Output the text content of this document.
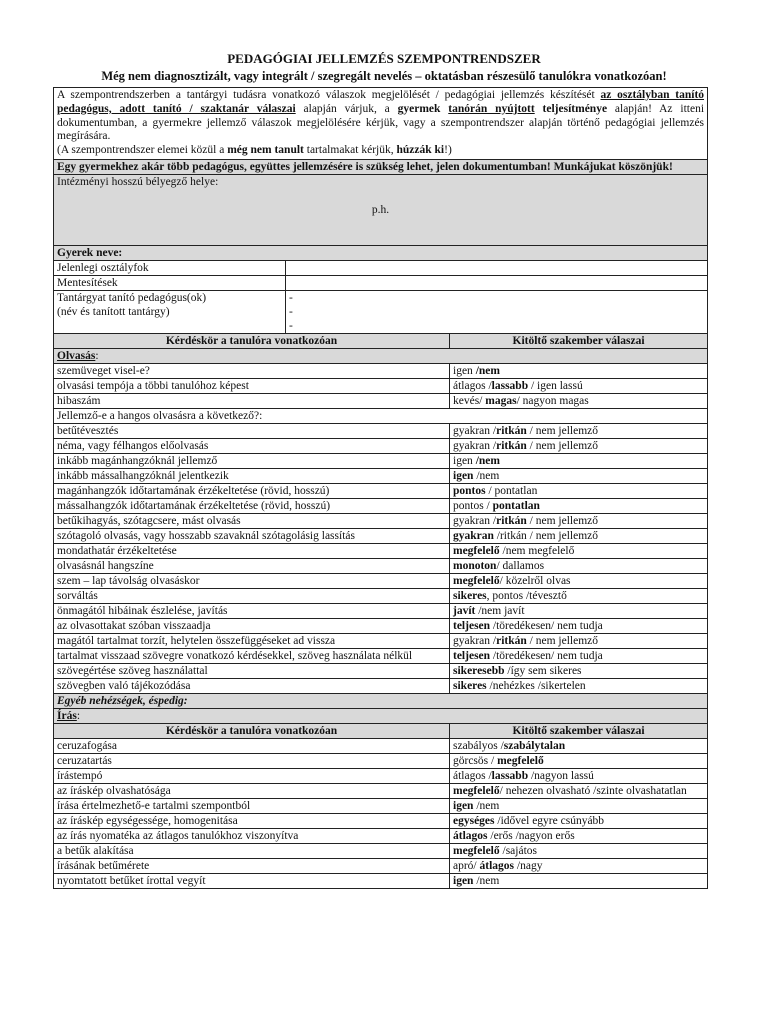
PEDAGÓGIAI JELLEMZÉS SZEMPONTRENDSZER
Még nem diagnosztizált, vagy integrált / szegregált nevelés – oktatásban részesülő tanulókra vonatkozóan!
A szempontrendszerben a tantárgyi tudásra vonatkozó válaszok megjelölését / pedagógiai jellemzés készítését az osztályban tanító pedagógus, adott tanító / szaktanár válaszai alapján várjuk, a gyermek tanórán nyújtott teljesítménye alapján! Az itteni dokumentumban, a gyermekre jellemző válaszok megjelölésére kérjük, vagy a szempontrendszer alapján történő pedagógiai jellemzés megírására.
(A szempontrendszer elemei közül a még nem tanult tartalmakat kérjük, húzzák ki!)		
Egy gyermekhez akár több pedagógus, együttes jellemzésére is szükség lehet, jelen dokumentumban! Munkájukat köszönjük!		

Intézményi hosszú bélyegző helye:
p.h.		

Gyerek neve:		
Jelenlegi osztályfok		
Mentesítések		
Tantárgyat tanító pedagógus(ok)
(név és tanított tantárgy)	-
-
-	
Kérdéskör a tanulóra vonatkozóan		Kitöltő szakember válaszai
Olvasás:		
szemüveget visel-e?		igen /nem
olvasási tempója a többi tanulóhoz képest		átlagos /lassabb / igen lassú
hibaszám		kevés/ magas/ nagyon magas
Jellemző-e a hangos olvasásra a következő?:		
betűtévesztés		gyakran /ritkán / nem jellemző
néma, vagy félhangos előolvasás		gyakran /ritkán / nem jellemző
inkább magánhangzóknál jellemző		igen /nem
inkább mássalhangzóknál jelentkezik		igen /nem
magánhangzók időtartamának érzékeltetése (rövid, hosszú)		pontos / pontatlan
mássalhangzók időtartamának érzékeltetése (rövid, hosszú)		pontos / pontatlan
betűkihagyás, szótagcsere, mást olvasás		gyakran /ritkán / nem jellemző
szótagoló olvasás, vagy hosszabb szavaknál szótagolásig lassítás		gyakran /ritkán / nem jellemző
mondathatár érzékeltetése		megfelelő /nem megfelelő
olvasásnál hangszíne		monoton/ dallamos
szem – lap távolság olvasáskor		megfelelő/ közelről olvas
sorváltás		sikeres, pontos /tévesztő
önmagától hibáinak észlelése, javítás		javít /nem javít
az olvasottakat szóban visszaadja		teljesen /töredékesen/ nem tudja
magától tartalmat torzít, helytelen összefüggéseket ad vissza		gyakran /ritkán / nem jellemző
tartalmat visszaad szövegre vonatkozó kérdésekkel, szöveg használata nélkül		teljesen /töredékesen/ nem tudja
szövegértése szöveg használattal		sikeresebb /így sem sikeres
szövegben való tájékozódása		sikeres /nehézkes /sikertelen
Egyéb nehézségek, éspedig:		
Írás:		
Kérdéskör a tanulóra vonatkozóan		Kitöltő szakember válaszai
ceruzafogása		szabályos /szabálytalan
ceruzatartás		görcsös / megfelelő
írástempó		átlagos /lassabb /nagyon lassú
az íráskép olvashatósága		megfelelő/ nehezen olvasható /szinte olvashatatlan
írása értelmezhető-e tartalmi szempontból		igen /nem
az íráskép egységessége, homogenitása		egységes /idővel egyre csúnyább
az írás nyomatéka az átlagos tanulókhoz viszonyítva		átlagos /erős /nagyon erős
a betűk alakítása		megfelelő /sajátos
írásának betűmérete		apró/ átlagos /nagy
nyomtatott betűket írottal vegyít		igen /nem
